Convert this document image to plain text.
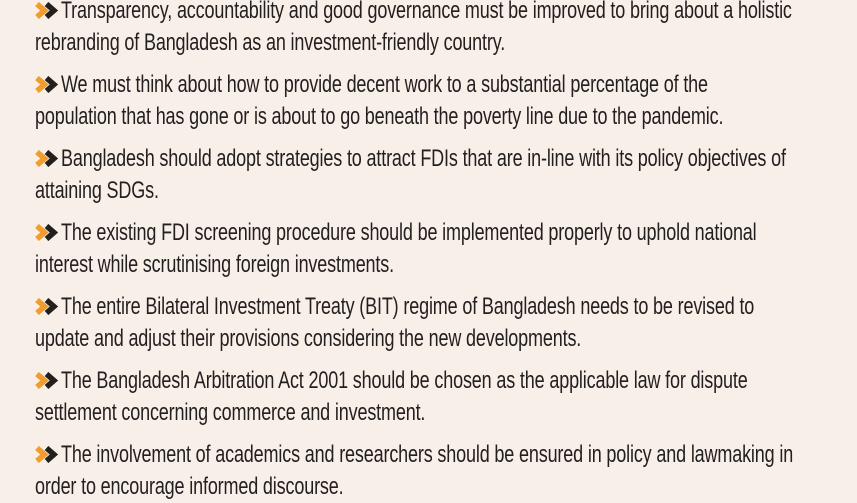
Transparency, accountability and good governance must be improved to bring about a holistic
rebranding of Bangladesh as an investment-friendly country.

We must think about how to provide decent work to a substantial percentage of the
population that has gone or is about to go beneath the poverty line due to the pandemic.

Bangladesh should adopt strategies to attract FDIs that are in-line with its policy objectives of
attaining SDGs.

The existing FDI screening procedure should be implemented properly to uphold national
interest while scrutinising foreign investments.

The entire Bilateral Investment Treaty (BIT) regime of Bangladesh needs to be revised to
update and adjust their provisions considering the new developments.

The Bangladesh Arbitration Act 2001 should be chosen as the applicable law for dispute
settlement concerning commerce and investment.

The involvement of academics and researchers should be ensured in policy and lawmaking in
order to encourage informed discourse.
